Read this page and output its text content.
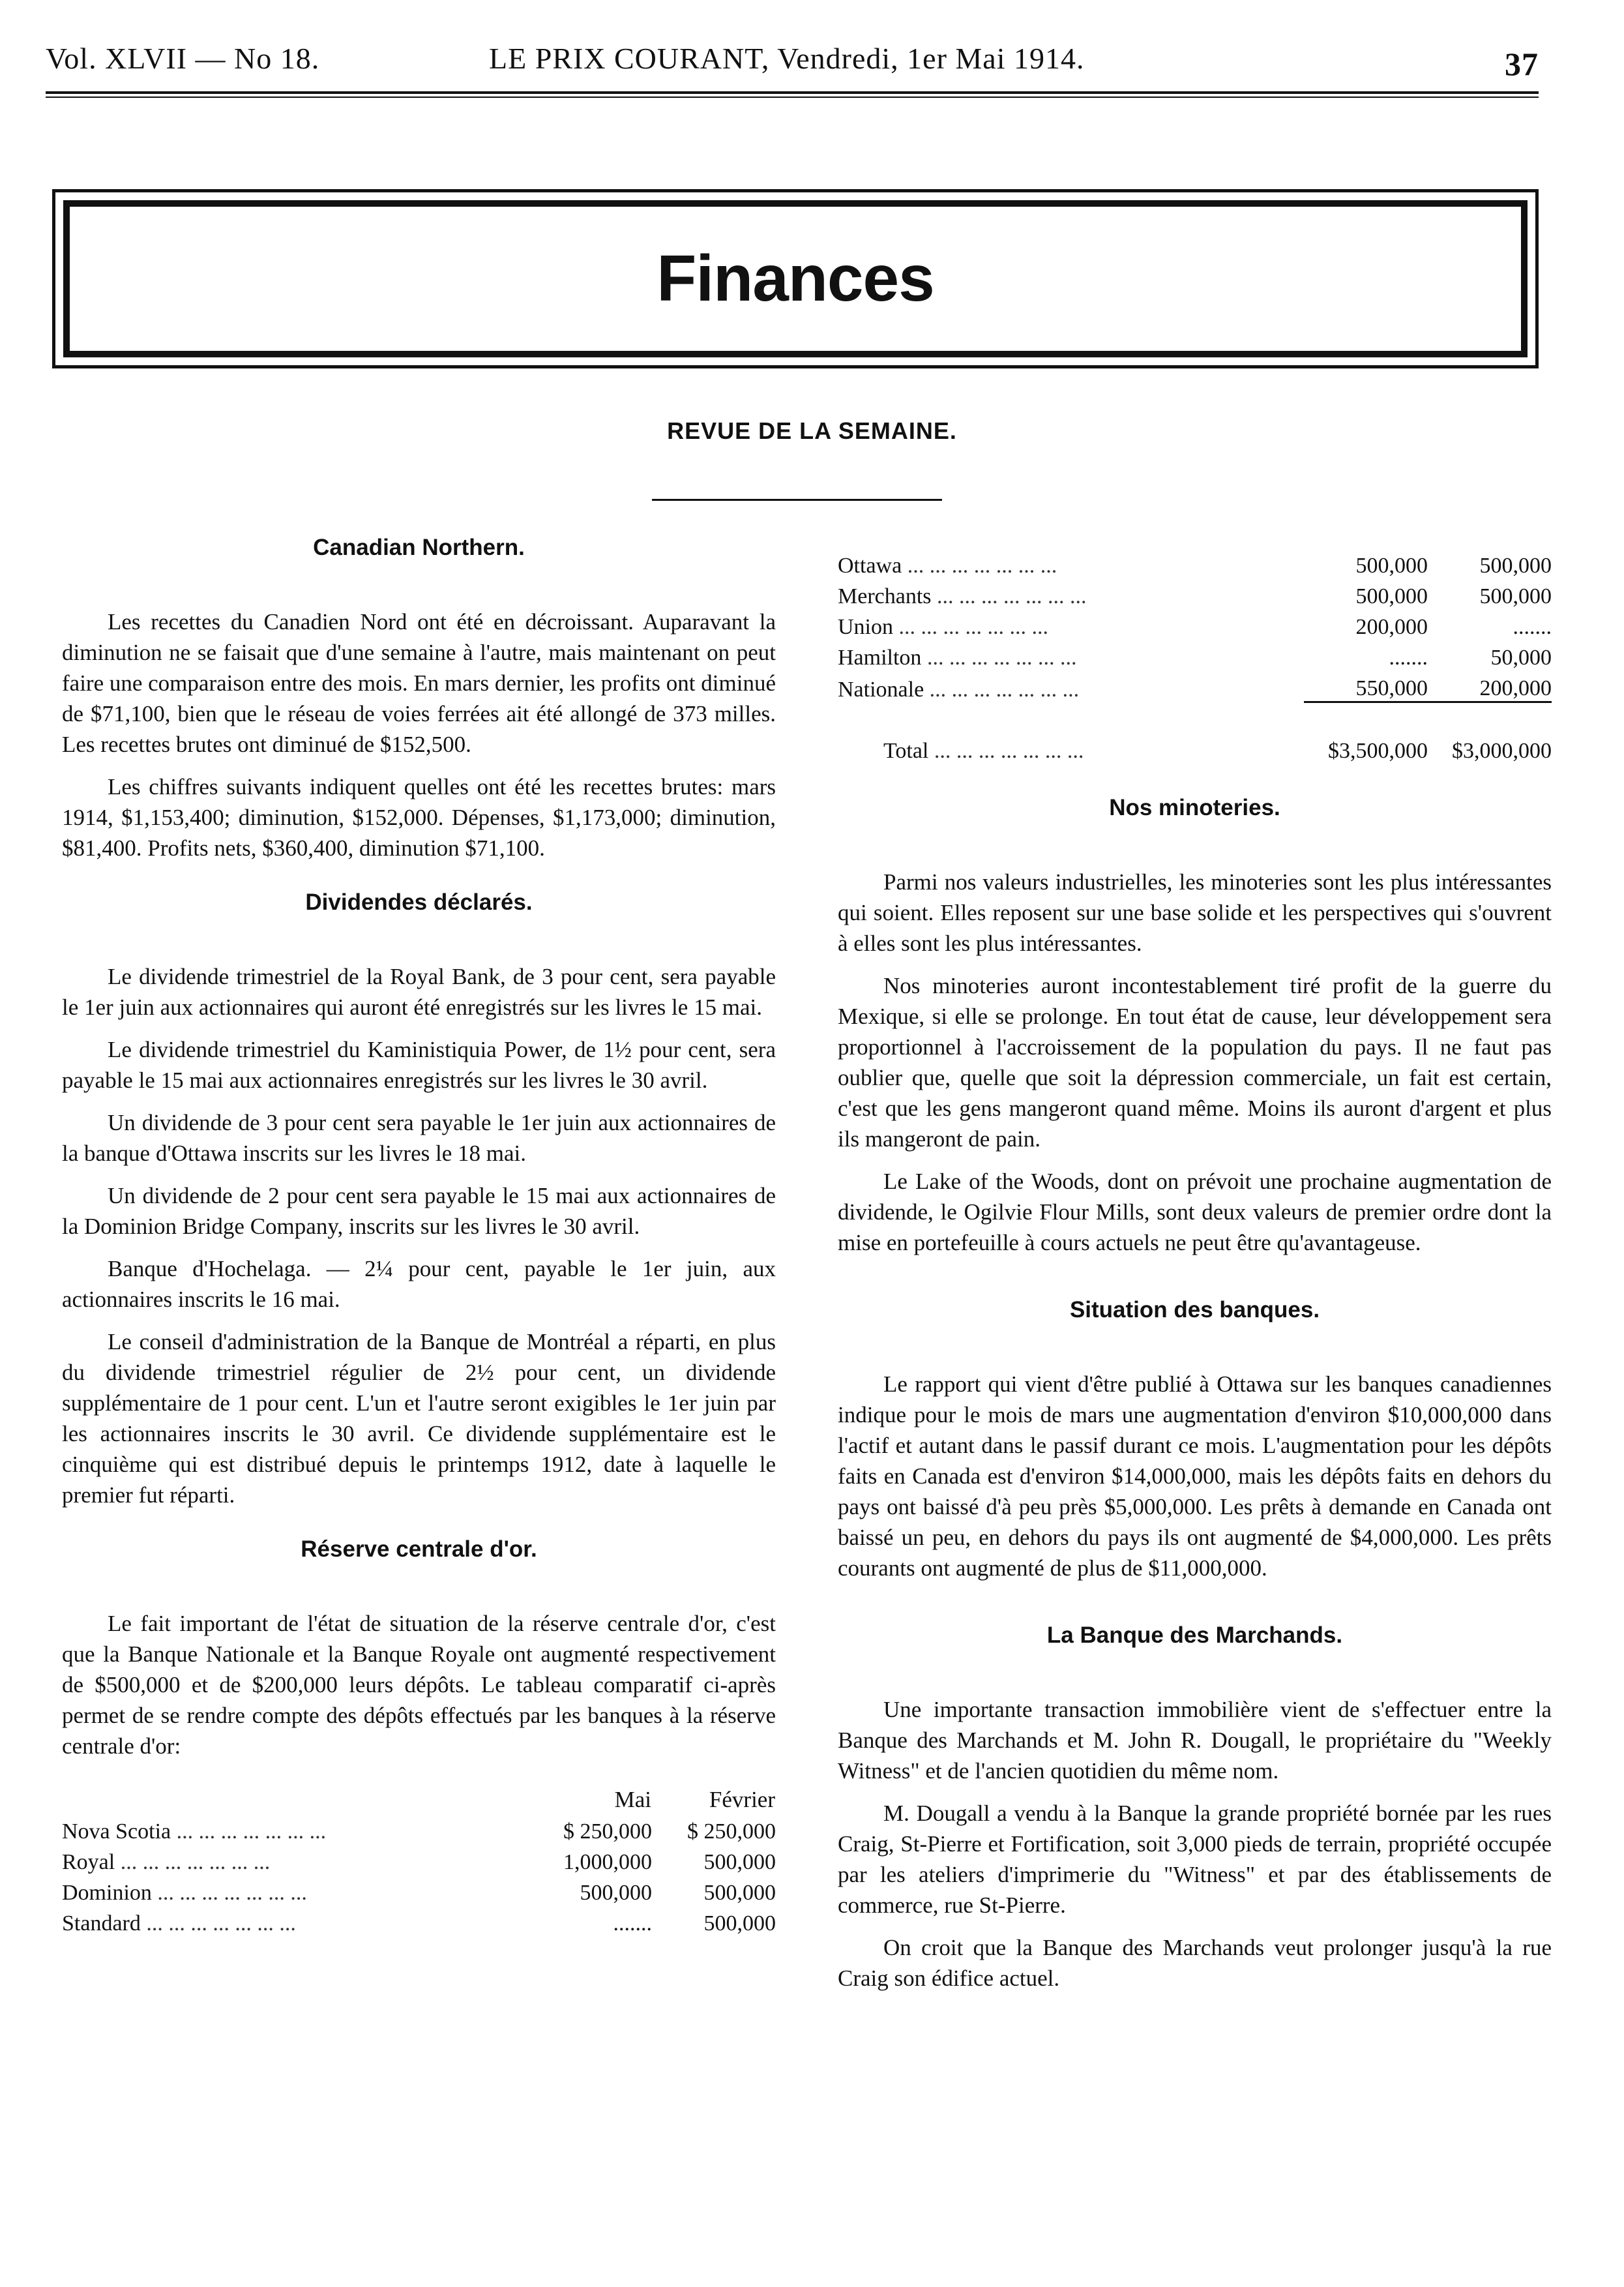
Vol. XLVII — No 18.	LE PRIX COURANT, Vendredi, 1er Mai 1914.	37
Finances
REVUE DE LA SEMAINE.
Canadian Northern.

Les recettes du Canadien Nord ont été en décroissant. Auparavant la diminution ne se faisait que d'une semaine à l'autre, mais maintenant on peut faire une comparaison entre des mois. En mars dernier, les profits ont diminué de $71,100, bien que le réseau de voies ferrées ait été allongé de 373 milles. Les recettes brutes ont diminué de $152,500.

Les chiffres suivants indiquent quelles ont été les recettes brutes: mars 1914, $1,153,400; diminution, $152,000. Dépenses, $1,173,000; diminution, $81,400. Profits nets, $360,400, diminution $71,100.

Dividendes déclarés.

Le dividende trimestriel de la Royal Bank, de 3 pour cent, sera payable le 1er juin aux actionnaires qui auront été enregistrés sur les livres le 15 mai.

Le dividende trimestriel du Kaministiquia Power, de 1½ pour cent, sera payable le 15 mai aux actionnaires enregistrés sur les livres le 30 avril.

Un dividende de 3 pour cent sera payable le 1er juin aux actionnaires de la banque d'Ottawa inscrits sur les livres le 18 mai.

Un dividende de 2 pour cent sera payable le 15 mai aux actionnaires de la Dominion Bridge Company, inscrits sur les livres le 30 avril.

Banque d'Hochelaga. — 2¼ pour cent, payable le 1er juin, aux actionnaires inscrits le 16 mai.

Le conseil d'administration de la Banque de Montréal a réparti, en plus du dividende trimestriel régulier de 2½ pour cent, un dividende supplémentaire de 1 pour cent. L'un et l'autre seront exigibles le 1er juin par les actionnaires inscrits le 30 avril. Ce dividende supplémentaire est le cinquième qui est distribué depuis le printemps 1912, date à laquelle le premier fut réparti.

Réserve centrale d'or.

Le fait important de l'état de situation de la réserve centrale d'or, c'est que la Banque Nationale et la Banque Royale ont augmenté respectivement de $500,000 et de $200,000 leurs dépôts. Le tableau comparatif ci-après permet de se rendre compte des dépôts effectués par les banques à la réserve centrale d'or:

	Mai	Février
Nova Scotia ... ... ... ... ... ... ...	$ 250,000	$ 250,000
Royal ... ... ... ... ... ... ...	1,000,000	500,000
Dominion ... ... ... ... ... ... ...	500,000	500,000
Standard ... ... ... ... ... ... ...	.......	500,000
Ottawa ... ... ... ... ... ... ...	500,000	500,000
Merchants ... ... ... ... ... ... ...	500,000	500,000
Union ... ... ... ... ... ... ...	200,000	.......
Hamilton ... ... ... ... ... ... ...	.......	50,000
Nationale ... ... ... ... ... ... ...	550,000	200,000

Total ... ... ... ... ... ... ...	$3,500,000	$3,000,000
Nos minoteries.

Parmi nos valeurs industrielles, les minoteries sont les plus intéressantes qui soient. Elles reposent sur une base solide et les perspectives qui s'ouvrent à elles sont les plus intéressantes.

Nos minoteries auront incontestablement tiré profit de la guerre du Mexique, si elle se prolonge. En tout état de cause, leur développement sera proportionnel à l'accroissement de la population du pays. Il ne faut pas oublier que, quelle que soit la dépression commerciale, un fait est certain, c'est que les gens mangeront quand même. Moins ils auront d'argent et plus ils mangeront de pain.

Le Lake of the Woods, dont on prévoit une prochaine augmentation de dividende, le Ogilvie Flour Mills, sont deux valeurs de premier ordre dont la mise en portefeuille à cours actuels ne peut être qu'avantageuse.

Situation des banques.

Le rapport qui vient d'être publié à Ottawa sur les banques canadiennes indique pour le mois de mars une augmentation d'environ $10,000,000 dans l'actif et autant dans le passif durant ce mois. L'augmentation pour les dépôts faits en Canada est d'environ $14,000,000, mais les dépôts faits en dehors du pays ont baissé d'à peu près $5,000,000. Les prêts à demande en Canada ont baissé un peu, en dehors du pays ils ont augmenté de $4,000,000. Les prêts courants ont augmenté de plus de $11,000,000.

La Banque des Marchands.

Une importante transaction immobilière vient de s'effectuer entre la Banque des Marchands et M. John R. Dougall, le propriétaire du "Weekly Witness" et de l'ancien quotidien du même nom.

M. Dougall a vendu à la Banque la grande propriété bornée par les rues Craig, St-Pierre et Fortification, soit 3,000 pieds de terrain, propriété occupée par les ateliers d'imprimerie du "Witness" et par des établissements de commerce, rue St-Pierre.

On croit que la Banque des Marchands veut prolonger jusqu'à la rue Craig son édifice actuel.
